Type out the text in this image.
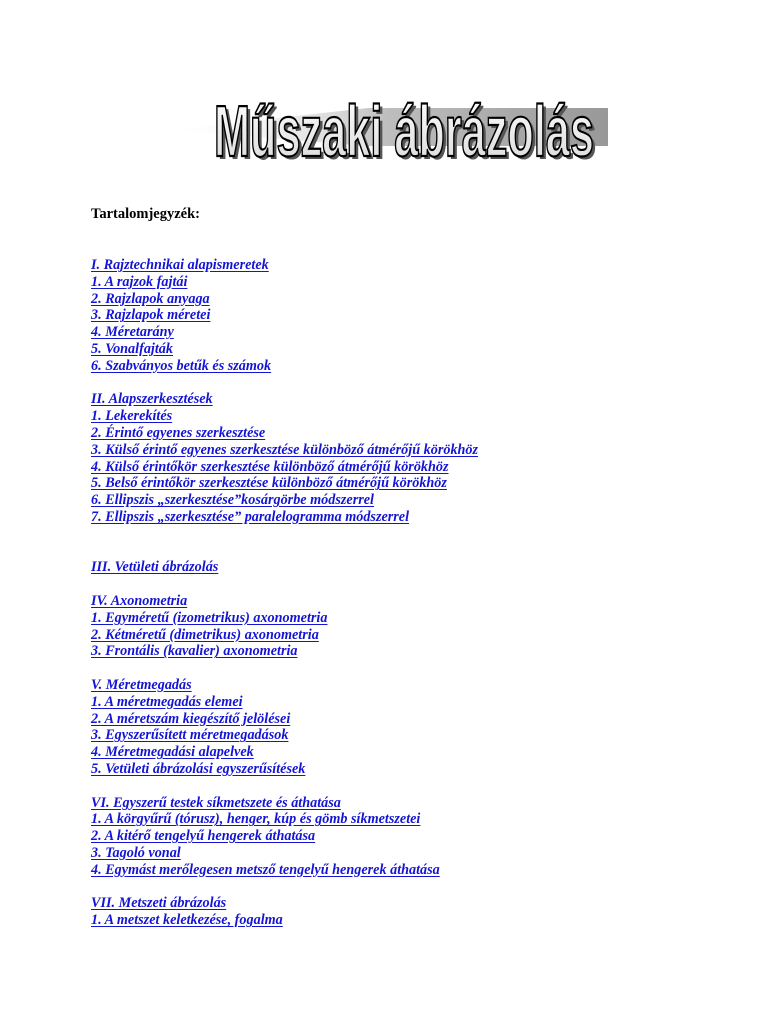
Műszaki ábrázolás
Műszaki ábrázolás

Tartalomjegyzék:

I. Rajztechnikai alapismeretek
1. A rajzok fajtái
2. Rajzlapok anyaga
3. Rajzlapok méretei
4. Méretarány
5. Vonalfajták
6. Szabványos betűk és számok
II. Alapszerkesztések
1. Lekerekítés
2. Érintő egyenes szerkesztése
3. Külső érintő egyenes szerkesztése különböző átmérőjű körökhöz
4. Külső érintőkör szerkesztése különböző átmérőjű körökhöz
5. Belső érintőkör szerkesztése különböző átmérőjű körökhöz
6. Ellipszis „szerkesztése”kosárgörbe módszerrel
7. Ellipszis „szerkesztése” paralelogramma módszerrel
III. Vetületi ábrázolás
IV. Axonometria
1. Egyméretű (izometrikus) axonometria
2. Kétméretű (dimetrikus) axonometria
3. Frontális (kavalier) axonometria
V. Méretmegadás
1. A méretmegadás elemei
2. A méretszám kiegészítő jelölései
3. Egyszerűsített méretmegadások
4. Méretmegadási alapelvek
5. Vetületi ábrázolási egyszerűsítések
VI. Egyszerű testek síkmetszete és áthatása
1. A körgyűrű (tórusz), henger, kúp és gömb síkmetszetei
2. A kitérő tengelyű hengerek áthatása
3. Tagoló vonal
4. Egymást merőlegesen metsző tengelyű hengerek áthatása
VII. Metszeti ábrázolás
1. A metszet keletkezése, fogalma
